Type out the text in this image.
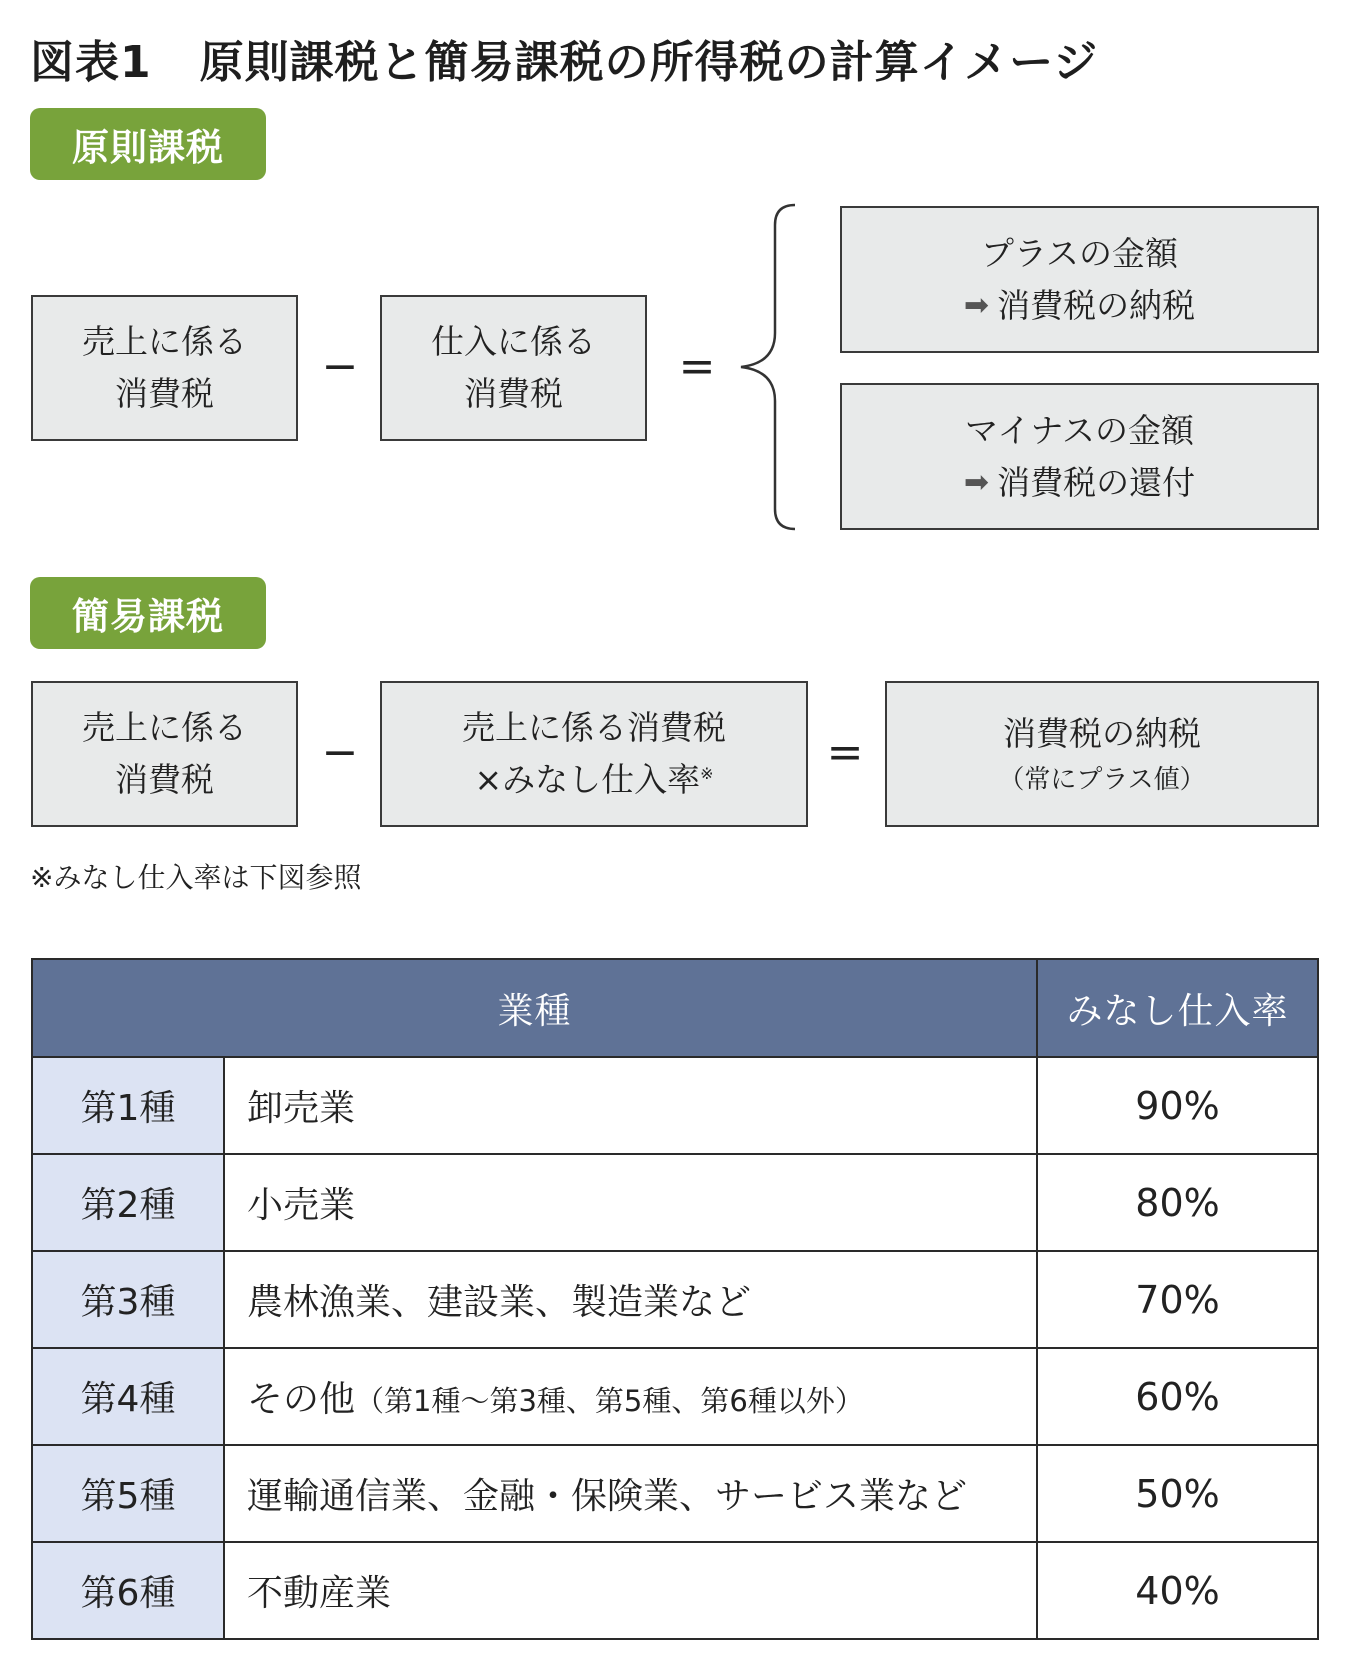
図表1 原則課税と簡易課税の所得税の計算イメージ
原則課税
売上に係る
消費税
−	仕入に係る
消費税
=
プラスの金額
➡ 消費税の納税
マイナスの金額
➡ 消費税の還付
簡易課税
売上に係る
消費税
−	売上に係る消費税
×みなし仕入率※	=	消費税の納税
（常にプラス値）
※みなし仕入率は下図参照
業種		みなし仕入率
第1種	卸売業	90%
第2種	小売業	80%
第3種	農林漁業、建設業、製造業など	70%
第4種	その他（第1種〜第3種、第5種、第6種以外）	60%
第5種	運輸通信業、金融・保険業、サービス業など	50%
第6種	不動産業	40%
